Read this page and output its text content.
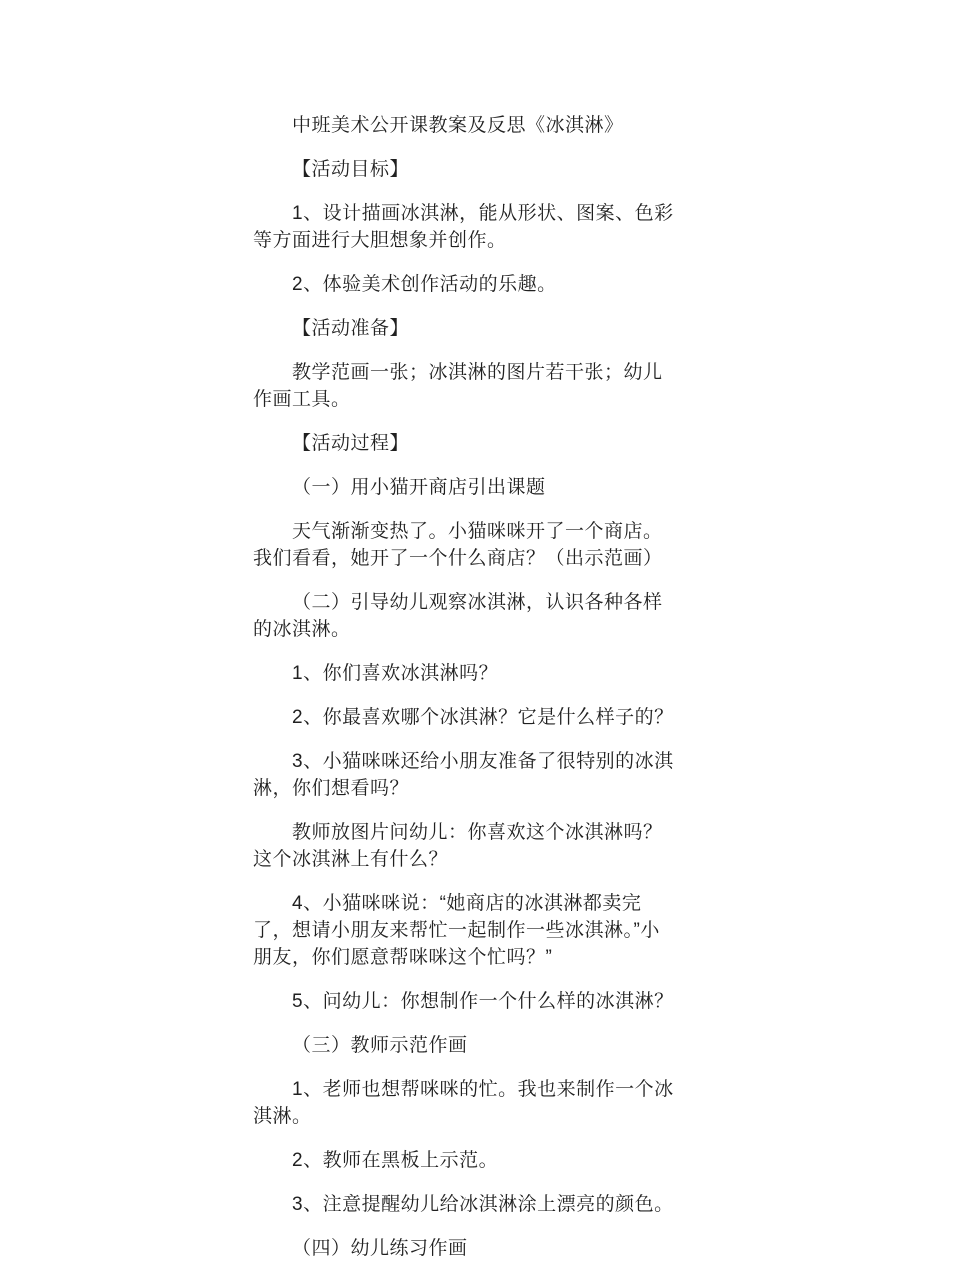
中班美术公开课教案及反思《冰淇淋》
【活动目标】
1、设计描画冰淇淋，能从形状、图案、色彩
等方面进行大胆想象并创作。
2、体验美术创作活动的乐趣。
【活动准备】
教学范画一张；冰淇淋的图片若干张；幼儿
作画工具。
【活动过程】
（一）用小猫开商店引出课题
天气渐渐变热了。小猫咪咪开了一个商店。
我们看看，她开了一个什么商店？（出示范画）
（二）引导幼儿观察冰淇淋，认识各种各样
的冰淇淋。
1、你们喜欢冰淇淋吗？
2、你最喜欢哪个冰淇淋？它是什么样子的？
3、小猫咪咪还给小朋友准备了很特别的冰淇
淋，你们想看吗？
教师放图片问幼儿：你喜欢这个冰淇淋吗？
这个冰淇淋上有什么？
4、小猫咪咪说：“她商店的冰淇淋都卖完
了，想请小朋友来帮忙一起制作一些冰淇淋。”小
朋友，你们愿意帮咪咪这个忙吗？”
5、问幼儿：你想制作一个什么样的冰淇淋？
（三）教师示范作画
1、老师也想帮咪咪的忙。我也来制作一个冰
淇淋。
2、教师在黑板上示范。
3、注意提醒幼儿给冰淇淋涂上漂亮的颜色。
（四）幼儿练习作画
